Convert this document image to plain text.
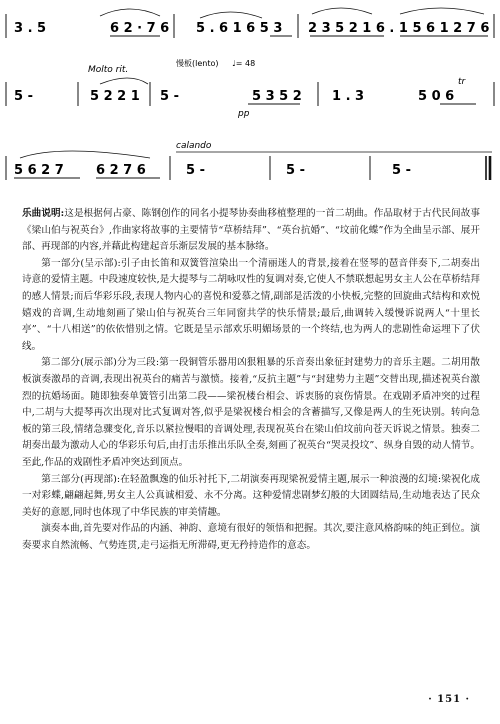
3 . 5	6 2 · 7 6 5 . 6 1 6 5 3 2 3 5 2 1 6 . 1 5 6 1 2 7 6
Molto rit.
慢板(lento) ♩= 48
pp
tr
5 -	5 2 2 1 5 -	5 3 5 2 1 . 3	5 0 6
calando
5 6 2 7 6 2 7 6	5 -	5 -	5 -

乐曲说明:这是根据何占豪、陈钢创作的同名小提琴协奏曲移植整理的一首二胡曲。作品取材于古代民间故事《梁山伯与祝英台》,作曲家将故事的主要情节“草桥结拜”、“英台抗婚”、“坟前化蝶”作为全曲呈示部、展开部、再现部的内容,并藉此构建起音乐渐层发展的基本脉络。

第一部分(呈示部):引子由长笛和双簧管渲染出一个清丽迷人的背景,接着在竖琴的琶音伴奏下,二胡奏出诗意的爱情主题。中段速度较快,是大提琴与二胡咏叹性的复调对奏,它使人不禁联想起男女主人公在草桥结拜的感人情景;而后华彩乐段,表现人物内心的喜悦和爱慕之情,副部是活泼的小快板,完整的回旋曲式结构和欢悦嬉戏的音调,生动地刻画了梁山伯与祝英台三年同窗共学的快乐情景;最后,曲调转入缓慢诉说两人“十里长亭”、“十八相送”的依依惜别之情。它既是呈示部欢乐明媚场景的一个终结,也为两人的悲剧性命运埋下了伏线。

第二部分(展示部)分为三段:第一段铜管乐器用凶狠粗暴的乐音奏出象征封建势力的音乐主题。二胡用散板演奏激昂的音调,表现出祝英台的痛苦与激愤。接着,“反抗主题”与“封建势力主题”交替出现,描述祝英台激烈的抗婚场面。随即独奏单簧管引出第二段——梁祝楼台相会、诉衷肠的哀伤情景。在戏剧矛盾冲突的过程中,二胡与大提琴再次出现对比式复调对答,似乎是梁祝楼台相会的含蓄描写,又像是两人的生死诀别。转向急板的第三段,情绪急骤变化,音乐以紧拉慢唱的音调处理,表现祝英台在梁山伯坟前向苍天诉说之情景。独奏二胡奏出最为激动人心的华彩乐句后,由打击乐推出乐队全奏,刻画了祝英台“哭灵投坟”、纵身自毁的动人情节。至此,作品的戏剧性矛盾冲突达到顶点。

第三部分(再现部):在轻盈飘逸的仙乐衬托下,二胡演奏再现梁祝爱情主题,展示一种浪漫的幻境:梁祝化成一对彩蝶,翩翩起舞,男女主人公真诚相爱、永不分离。这种爱情悲剧梦幻般的大团圆结局,生动地表达了民众美好的意愿,同时也体现了中华民族的审美情趣。

演奏本曲,首先要对作品的内涵、神韵、意境有很好的领悟和把握。其次,要注意风格韵味的纯正到位。演奏要求自然流畅、气势连贯,走弓运指无所滞碍,更无矜持造作的意态。

· 151 ·
